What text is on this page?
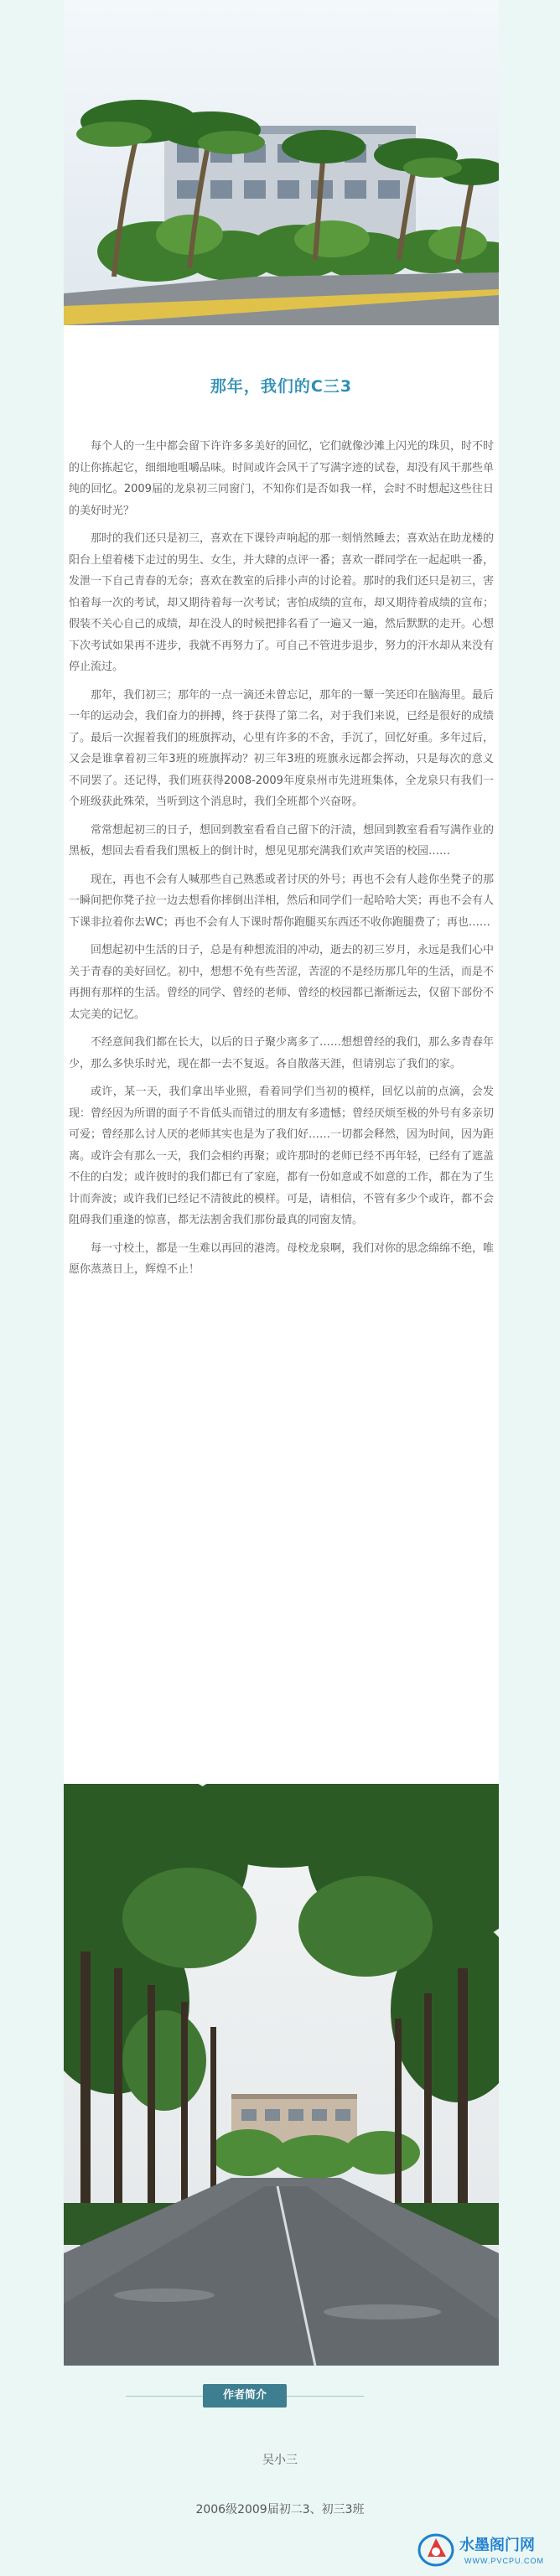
那年，我们的C三3

每个人的一生中都会留下许许多多美好的回忆，它们就像沙滩上闪光的珠贝，时不时的让你拣起它，细细地咀嚼品味。时间或许会风干了写满字迹的试卷，却没有风干那些单纯的回忆。2009届的龙泉初三同窗门，不知你们是否如我一样，会时不时想起这些往日的美好时光？

那时的我们还只是初三，喜欢在下课铃声响起的那一刻悄然睡去；喜欢站在助龙楼的阳台上望着楼下走过的男生、女生，并大肆的点评一番；喜欢一群同学在一起起哄一番，发泄一下自己青春的无奈；喜欢在教室的后排小声的讨论着。那时的我们还只是初三，害怕着每一次的考试，却又期待着每一次考试；害怕成绩的宣布，却又期待着成绩的宣布；假装不关心自己的成绩，却在没人的时候把排名看了一遍又一遍，然后默默的走开。心想下次考试如果再不进步，我就不再努力了。可自己不管进步退步，努力的汗水却从来没有停止流过。

那年，我们初三；那年的一点一滴还未曾忘记，那年的一颦一笑还印在脑海里。最后一年的运动会，我们奋力的拼搏，终于获得了第二名，对于我们来说，已经是很好的成绩了。最后一次握着我们的班旗挥动，心里有许多的不舍，手沉了，回忆好重。多年过后，又会是谁拿着初三年3班的班旗挥动？初三年3班的班旗永远都会挥动，只是每次的意义不同罢了。还记得，我们班获得2008-2009年度泉州市先进班集体，全龙泉只有我们一个班级获此殊荣，当听到这个消息时，我们全班都个兴奋呀。

常常想起初三的日子，想回到教室看看自己留下的汗渍，想回到教室看看写满作业的黑板，想回去看看我们黑板上的倒计时，想见见那充满我们欢声笑语的校园……

现在，再也不会有人喊那些自己熟悉或者讨厌的外号；再也不会有人趁你坐凳子的那一瞬间把你凳子拉一边去想看你摔倒出洋相，然后和同学们一起哈哈大笑；再也不会有人下课非拉着你去WC；再也不会有人下课时帮你跑腿买东西还不收你跑腿费了；再也……

回想起初中生活的日子，总是有种想流泪的冲动，逝去的初三岁月，永远是我们心中关于青春的美好回忆。初中，想想不免有些苦涩，苦涩的不是经历那几年的生活，而是不再拥有那样的生活。曾经的同学、曾经的老师、曾经的校园都已渐渐远去，仅留下部份不太完美的记忆。

不经意间我们都在长大，以后的日子聚少离多了……想想曾经的我们，那么多青春年少，那么多快乐时光，现在都一去不复返。各自散落天涯，但请别忘了我们的家。

或许，某一天，我们拿出毕业照，看着同学们当初的模样，回忆以前的点滴，会发现：曾经因为所谓的面子不肯低头而错过的朋友有多遗憾；曾经厌烦至极的外号有多亲切可爱；曾经那么讨人厌的老师其实也是为了我们好……一切都会释然，因为时间，因为距离。或许会有那么一天，我们会相约再聚；或许那时的老师已经不再年轻，已经有了遮盖不住的白发；或许彼时的我们都已有了家庭，都有一份如意或不如意的工作，都在为了生计而奔波；或许我们已经记不清彼此的模样。可是，请相信，不管有多少个或许，都不会阻碍我们重逢的惊喜，都无法割舍我们那份最真的同窗友情。

每一寸校土，都是一生难以再回的港湾。母校龙泉啊，我们对你的思念绵绵不绝，唯愿你蒸蒸日上，辉煌不止！

作者简介

吴小三

2006级2009届初二3、初三3班

水墨阁门网
WWW.PVCPU.COM
